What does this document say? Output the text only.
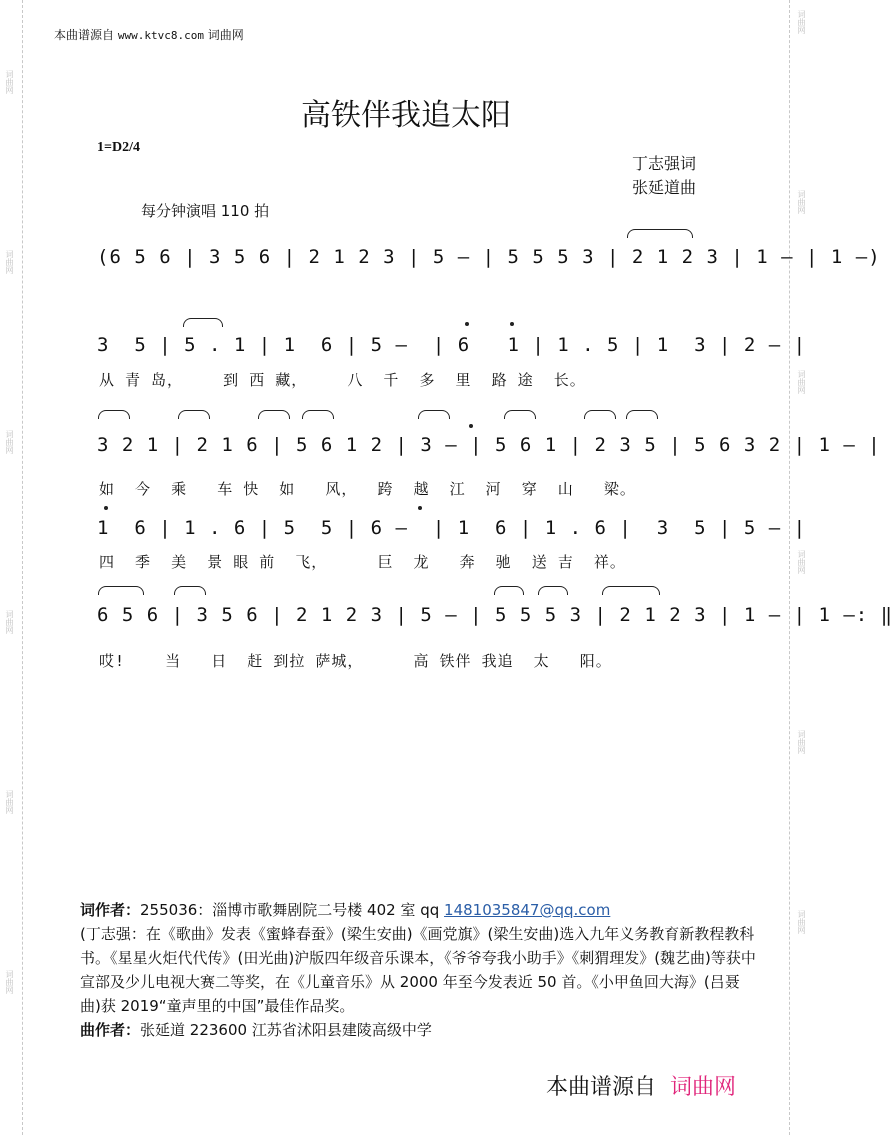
词曲网
词曲网
词曲网
词曲网
词曲网
词曲网
词曲网
词曲网
词曲网
词曲网
词曲网
词曲网
本曲谱源自 www.ktvc8.com 词曲网
高铁伴我追太阳
1=D2/4
丁志强词
张延道曲
每分钟演唱 110 拍
(6 5 6 | 3 5 6 | 2 1 2 3 | 5 — | 5 5 5 3 | 2 1 2 3 | 1 — | 1 —)
3  5 | 5 . 1 | 1  6 | 5 —  | 6   1 | 1 . 5 | 1  3 | 2 — |
从 青 岛，    到 西 藏，    八  千  多  里  路 途  长。
3 2 1 | 2 1 6 | 5 6 1 2 | 3 — | 5 6 1 | 2 3 5 | 5 6 3 2 | 1 — |
如  今  乘   车 快  如   风，  跨  越  江  河  穿  山   梁。
1  6 | 1 . 6 | 5  5 | 6 —  | 1  6 | 1 . 6 |  3  5 | 5 — |
四  季  美  景 眼 前  飞，     巨  龙   奔  驰  送 吉  祥。
6 5 6 | 3 5 6 | 2 1 2 3 | 5 — | 5 5 5 3 | 2 1 2 3 | 1 — | 1 —: ‖
哎!    当   日  赶 到拉 萨城，     高 铁伴 我追  太   阳。
词作者：255036：淄博市歌舞剧院二号楼 402 室 qq 1481035847@qq.com
(丁志强：在《歌曲》发表《蜜蜂春蚕》(梁生安曲)《画党旗》(梁生安曲)选入九年义务教育新教程教科书。《星星火炬代代传》(田光曲)沪版四年级音乐课本，《爷爷夸我小助手》《刺猬理发》(魏艺曲)等获中宣部及少儿电视大赛二等奖，在《儿童音乐》从 2000 年至今发表近 50 首。《小甲鱼回大海》(吕聂曲)获 2019“童声里的中国”最佳作品奖。
曲作者：张延道 223600 江苏省沭阳县建陵高级中学
本曲谱源自 词曲网
